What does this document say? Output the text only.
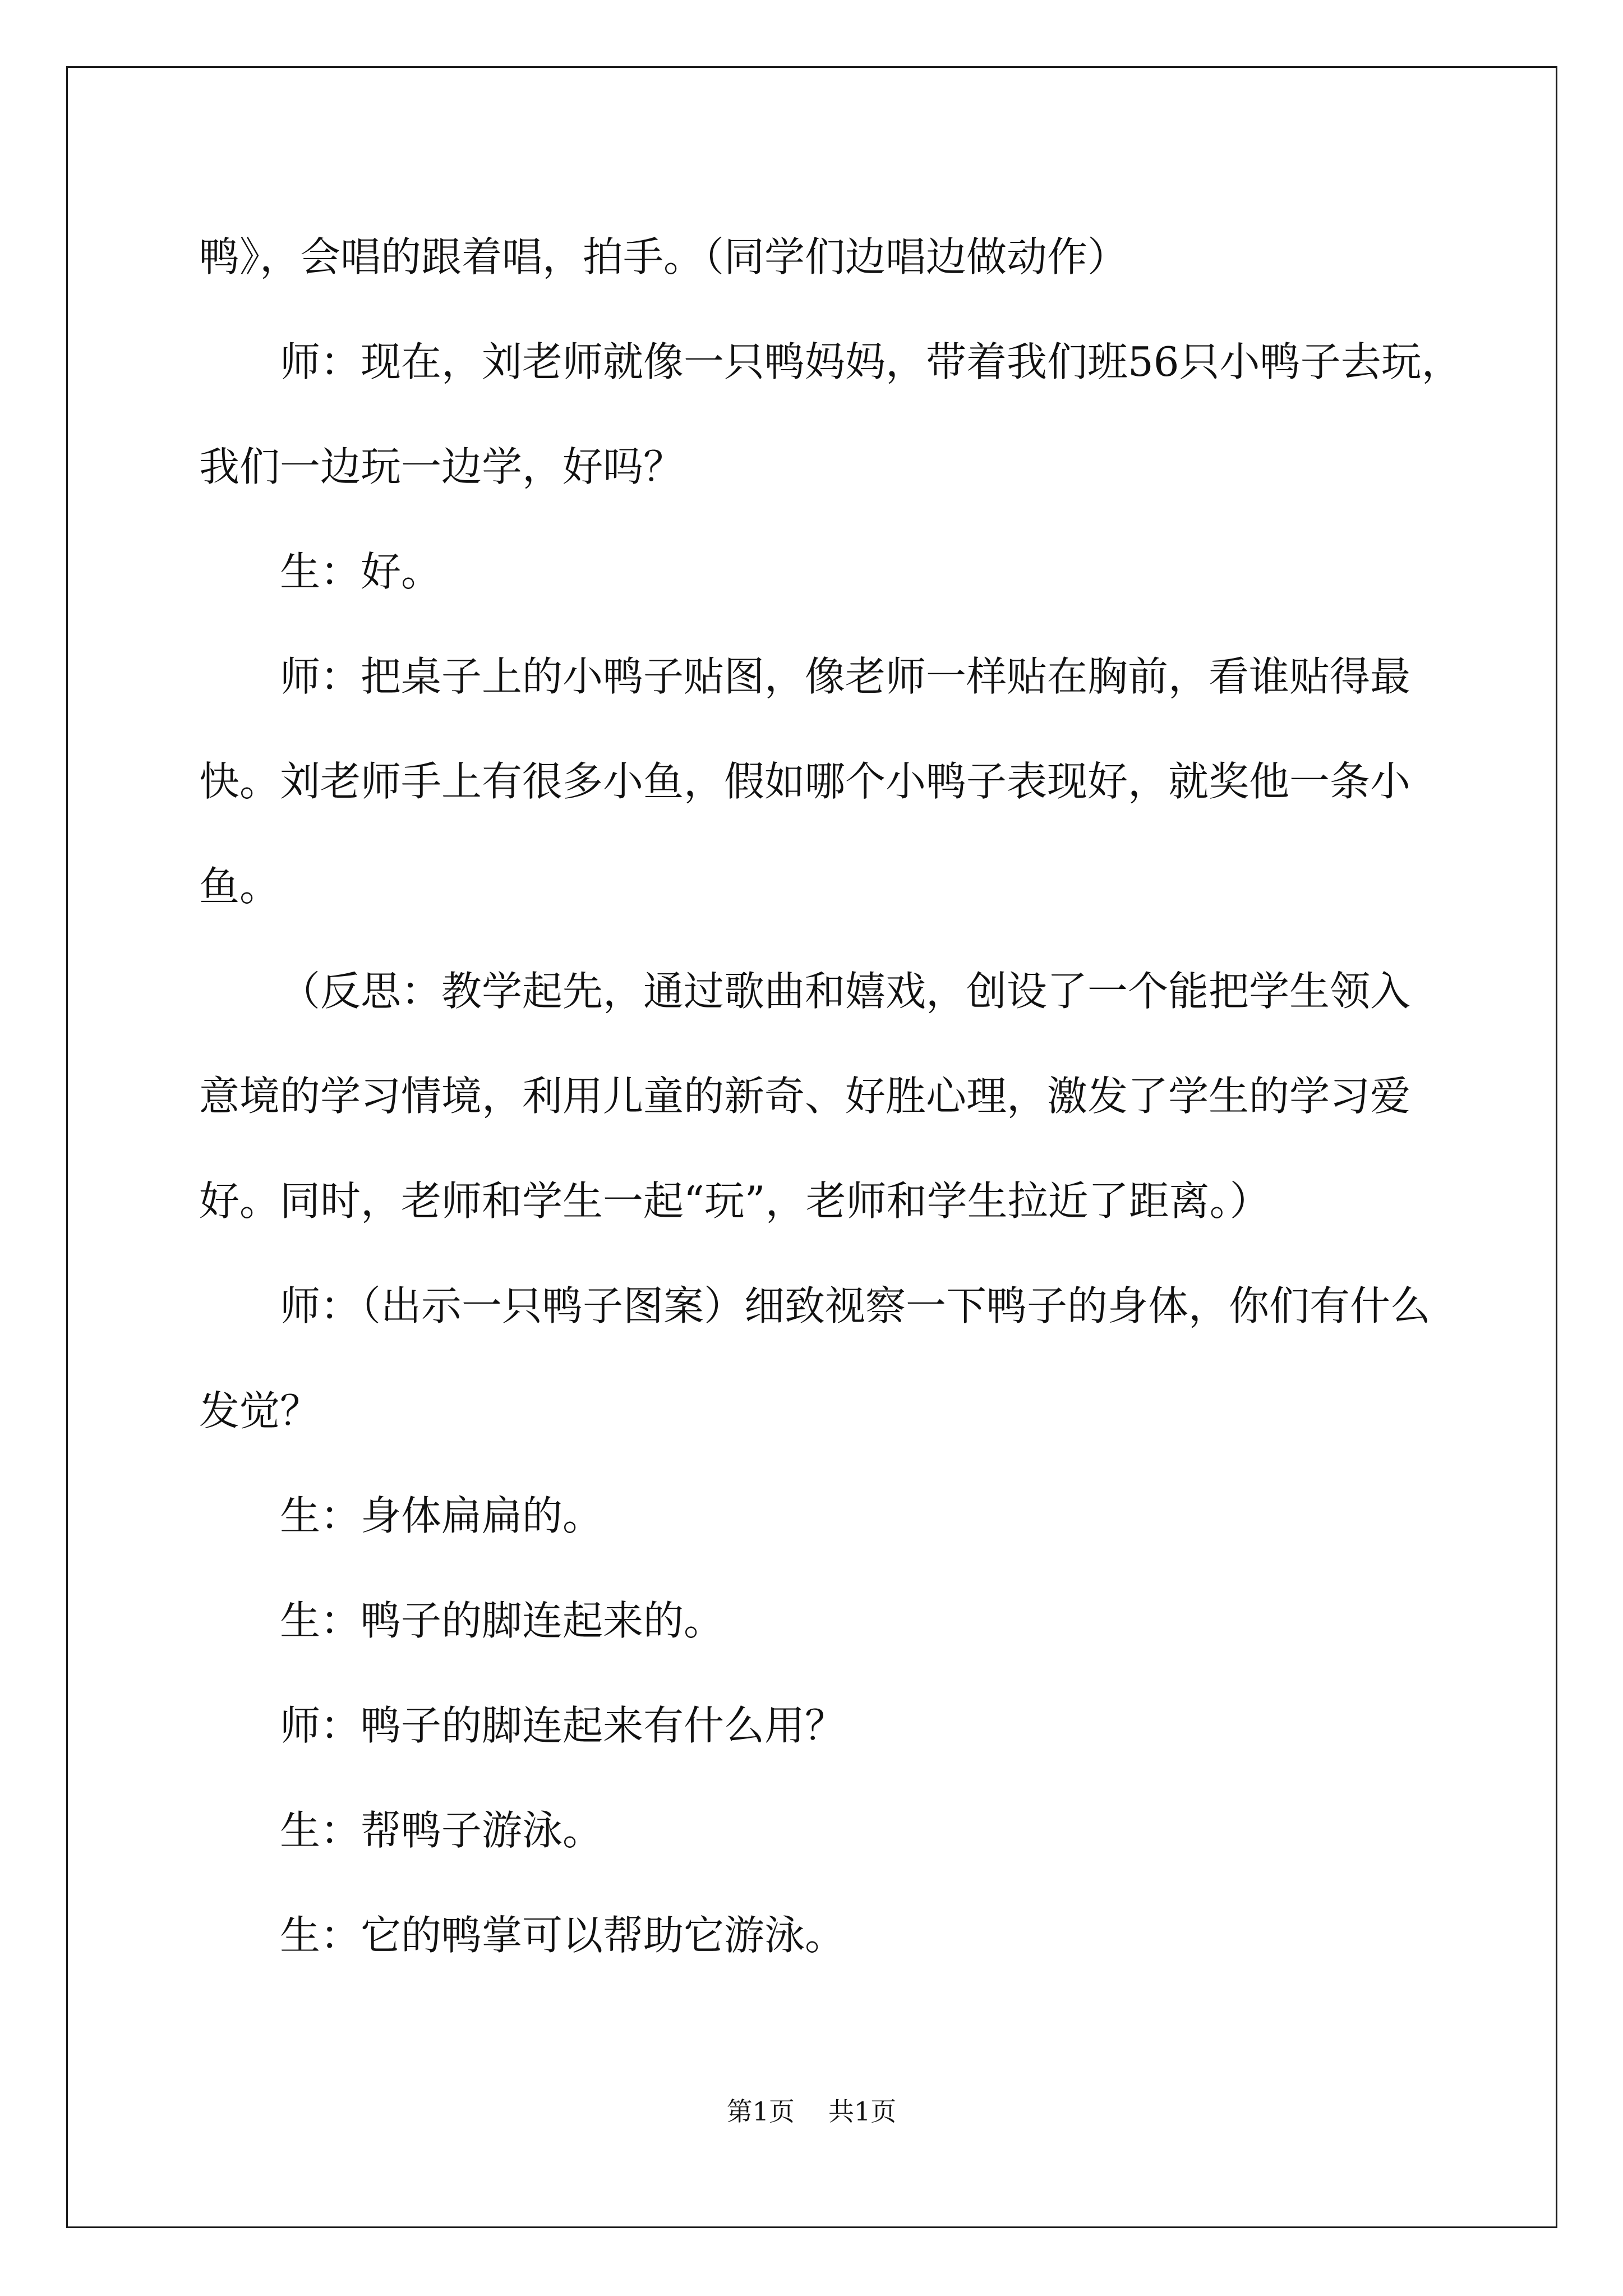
鸭》，会唱的跟着唱，拍手。（同学们边唱边做动作）
师：现在，刘老师就像一只鸭妈妈，带着我们班56只小鸭子去玩，
我们一边玩一边学，好吗？
生：好。
师：把桌子上的小鸭子贴图，像老师一样贴在胸前，看谁贴得最
快。刘老师手上有很多小鱼，假如哪个小鸭子表现好，就奖他一条小
鱼。
（反思：教学起先，通过歌曲和嬉戏，创设了一个能把学生领入
意境的学习情境，利用儿童的新奇、好胜心理，激发了学生的学习爱
好。同时，老师和学生一起“玩”，老师和学生拉近了距离。）
师：（出示一只鸭子图案）细致视察一下鸭子的身体，你们有什么
发觉？
生：身体扁扁的。
生：鸭子的脚连起来的。
师：鸭子的脚连起来有什么用？
生：帮鸭子游泳。
生：它的鸭掌可以帮助它游泳。
第1页 共1页
